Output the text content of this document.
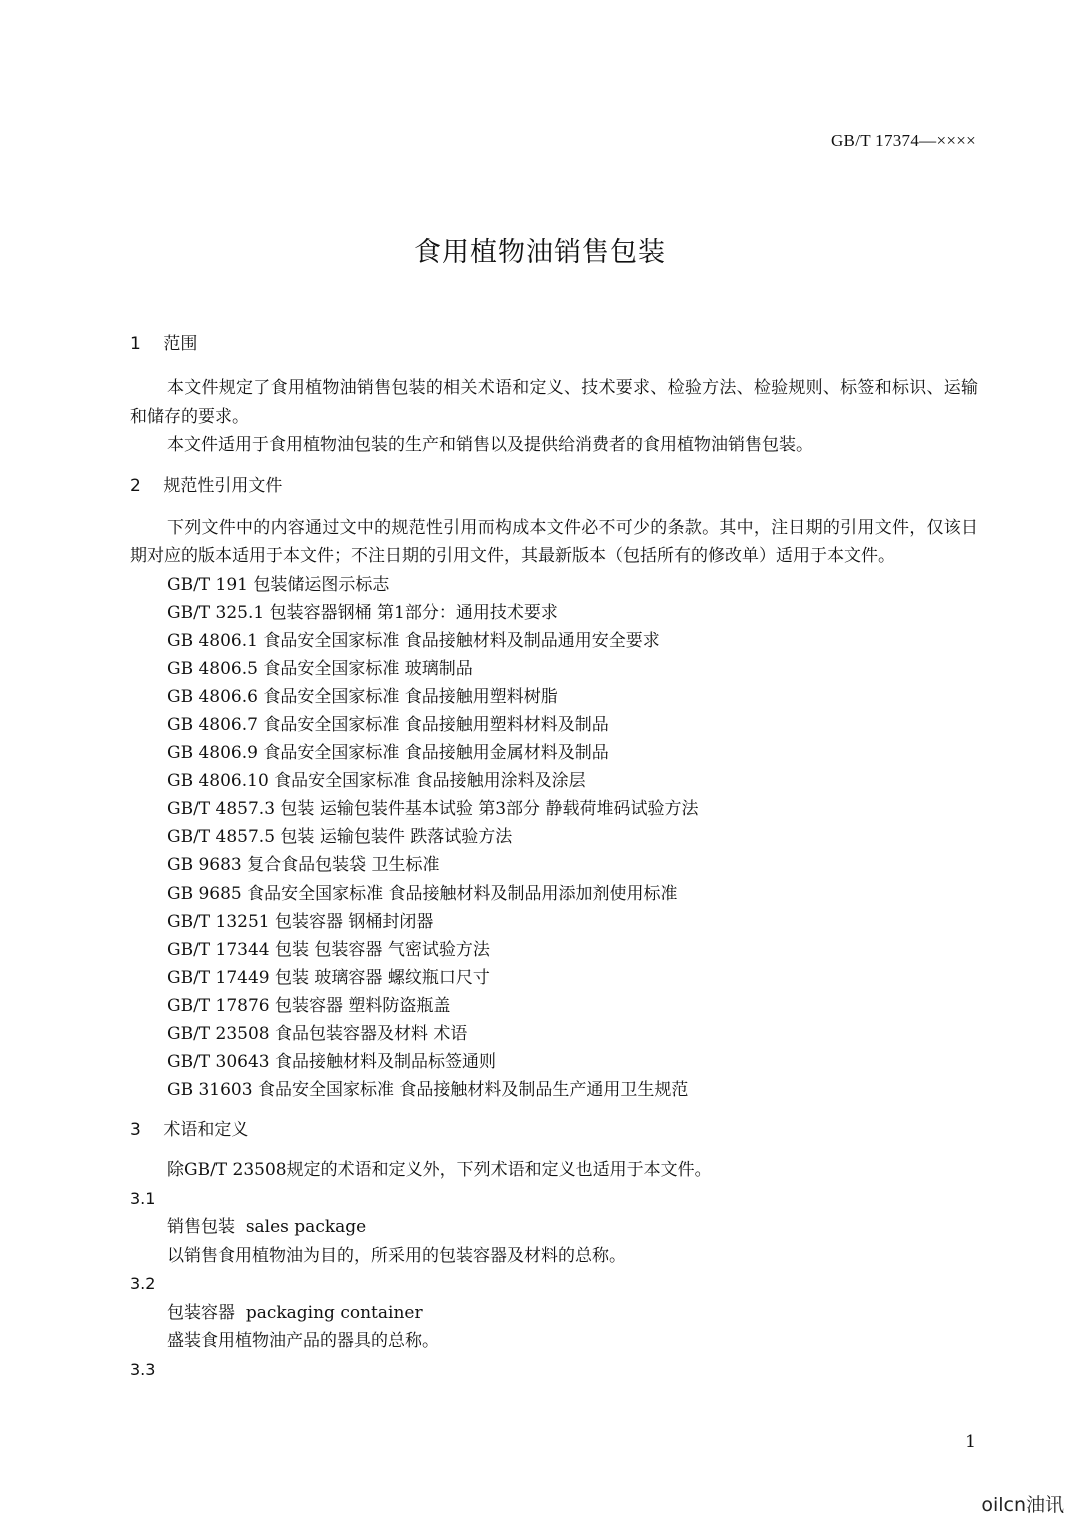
GB/T 17374—××××
食用植物油销售包装
1 范围

本文件规定了食用植物油销售包装的相关术语和定义、技术要求、检验方法、检验规则、标签和标识、运输和储存的要求。

本文件适用于食用植物油包装的生产和销售以及提供给消费者的食用植物油销售包装。

2 规范性引用文件

下列文件中的内容通过文中的规范性引用而构成本文件必不可少的条款。其中，注日期的引用文件，仅该日期对应的版本适用于本文件；不注日期的引用文件，其最新版本（包括所有的修改单）适用于本文件。

GB/T 191 包装储运图示标志
GB/T 325.1 包装容器钢桶 第1部分：通用技术要求
GB 4806.1 食品安全国家标准 食品接触材料及制品通用安全要求
GB 4806.5 食品安全国家标准 玻璃制品
GB 4806.6 食品安全国家标准 食品接触用塑料树脂
GB 4806.7 食品安全国家标准 食品接触用塑料材料及制品
GB 4806.9 食品安全国家标准 食品接触用金属材料及制品
GB 4806.10 食品安全国家标准 食品接触用涂料及涂层
GB/T 4857.3 包装 运输包装件基本试验 第3部分 静载荷堆码试验方法
GB/T 4857.5 包装 运输包装件 跌落试验方法
GB 9683 复合食品包装袋 卫生标准
GB 9685 食品安全国家标准 食品接触材料及制品用添加剂使用标准
GB/T 13251 包装容器 钢桶封闭器
GB/T 17344 包装 包装容器 气密试验方法
GB/T 17449 包装 玻璃容器 螺纹瓶口尺寸
GB/T 17876 包装容器 塑料防盗瓶盖
GB/T 23508 食品包装容器及材料 术语
GB/T 30643 食品接触材料及制品标签通则
GB 31603 食品安全国家标准 食品接触材料及制品生产通用卫生规范
3 术语和定义

除GB/T 23508规定的术语和定义外，下列术语和定义也适用于本文件。

3.1
销售包装 sales package
以销售食用植物油为目的，所采用的包装容器及材料的总称。
3.2
包装容器 packaging container
盛装食用植物油产品的器具的总称。
3.3
1
oilcn油讯
